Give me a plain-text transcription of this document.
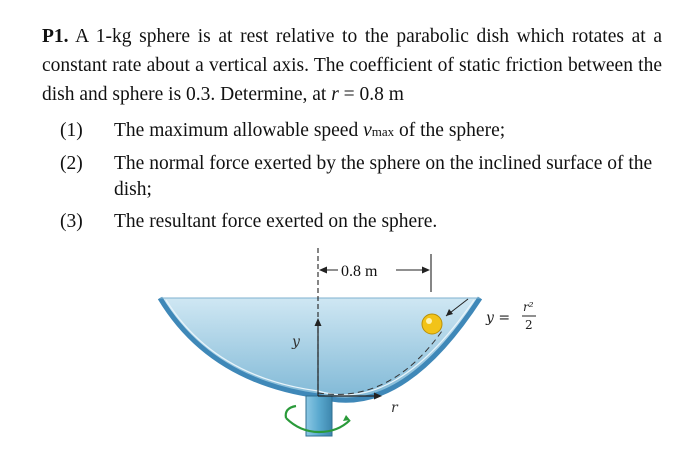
P1. A 1-kg sphere is at rest relative to the parabolic dish which rotates at a constant rate about a vertical axis. The coefficient of static friction between the dish and sphere is 0.3. Determine, at r = 0.8 m
(1)	The maximum allowable speed vmax of the sphere;
(2)	The normal force exerted by the sphere on the inclined surface of the dish;
(3)	The resultant force exerted on the sphere.
y
r
0.8 m
y =
r²
2
